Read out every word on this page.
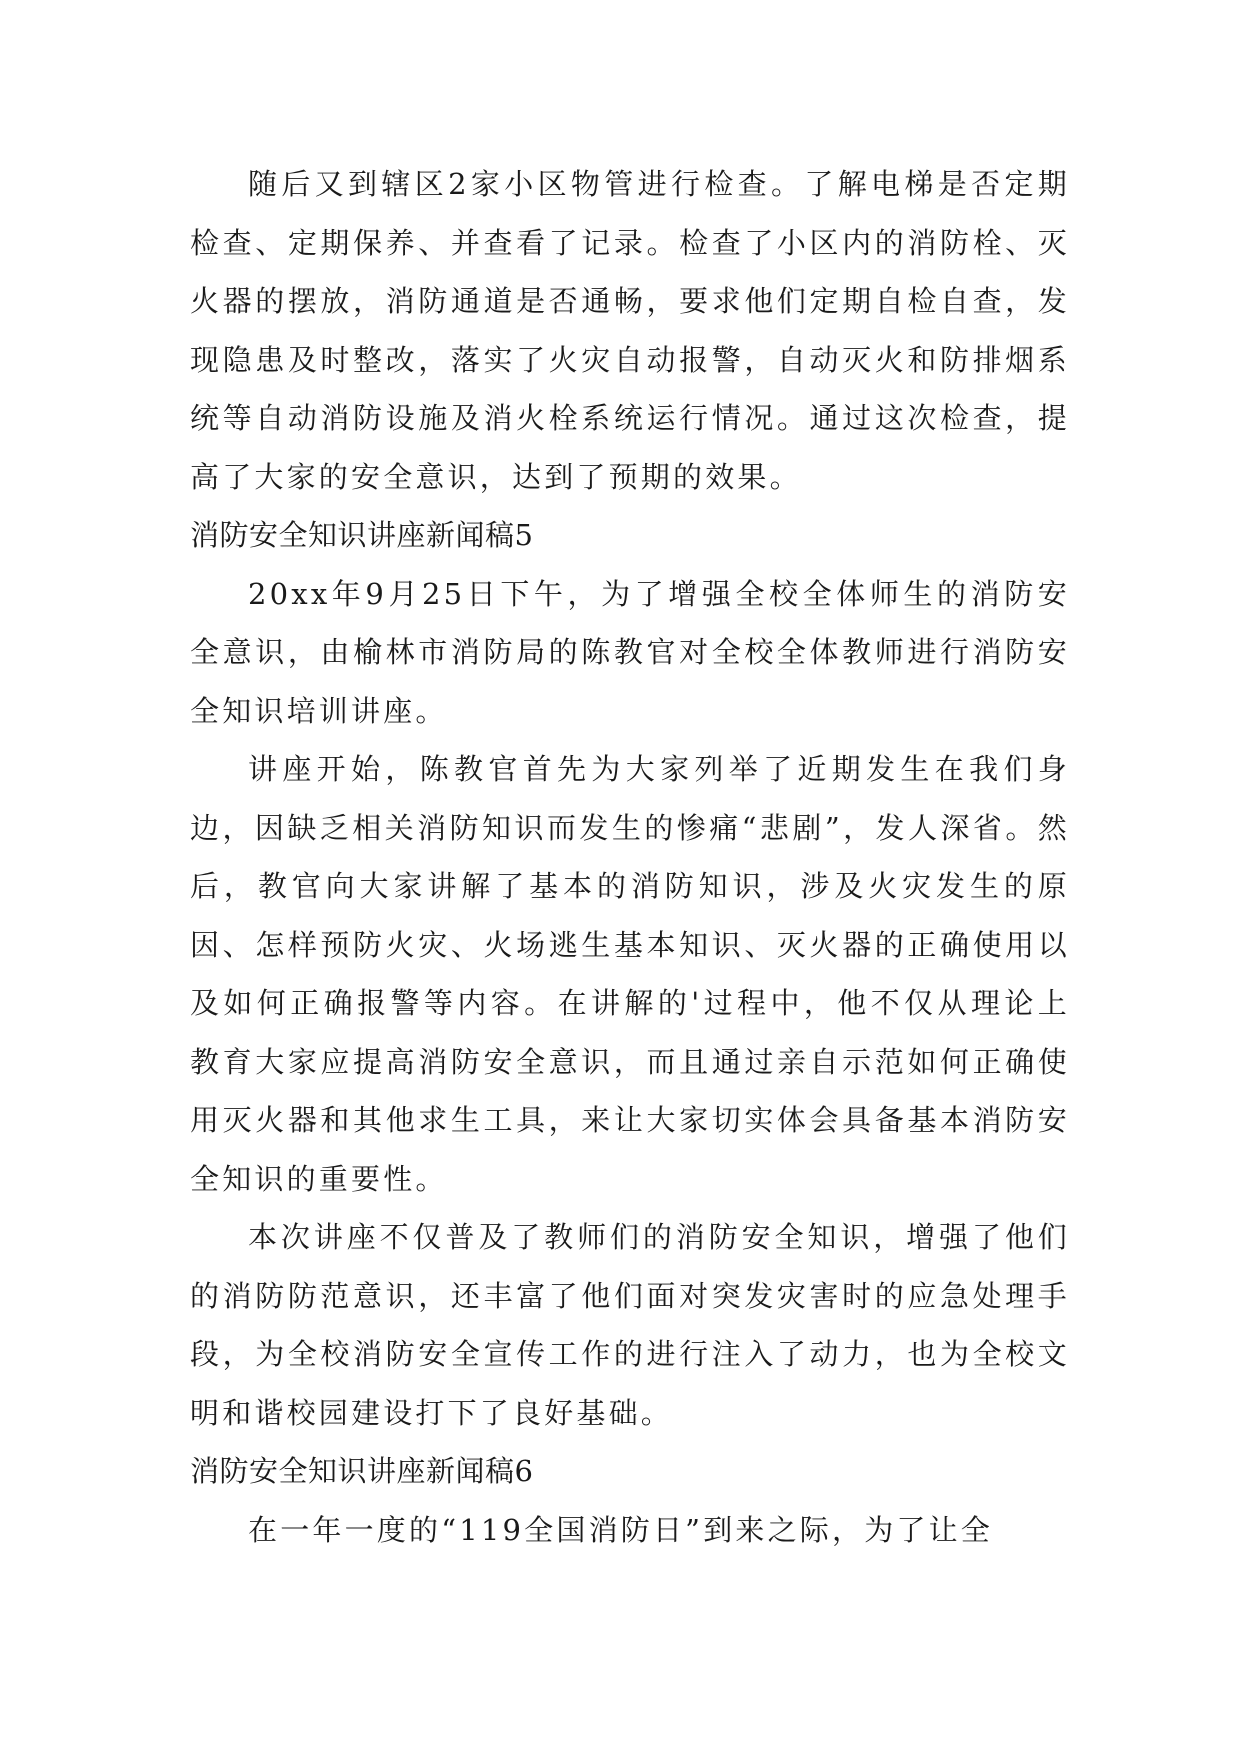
随后又到辖区2家小区物管进行检查。了解电梯是否定期检查、定期保养、并查看了记录。检查了小区内的消防栓、灭火器的摆放，消防通道是否通畅，要求他们定期自检自查，发现隐患及时整改，落实了火灾自动报警，自动灭火和防排烟系统等自动消防设施及消火栓系统运行情况。通过这次检查，提高了大家的安全意识，达到了预期的效果。

消防安全知识讲座新闻稿5

20xx年9月25日下午，为了增强全校全体师生的消防安全意识，由榆林市消防局的陈教官对全校全体教师进行消防安全知识培训讲座。

讲座开始，陈教官首先为大家列举了近期发生在我们身边，因缺乏相关消防知识而发生的惨痛“悲剧”，发人深省。然后，教官向大家讲解了基本的消防知识，涉及火灾发生的原因、怎样预防火灾、火场逃生基本知识、灭火器的正确使用以及如何正确报警等内容。在讲解的'过程中，他不仅从理论上教育大家应提高消防安全意识，而且通过亲自示范如何正确使用灭火器和其他求生工具，来让大家切实体会具备基本消防安全知识的重要性。

本次讲座不仅普及了教师们的消防安全知识，增强了他们的消防防范意识，还丰富了他们面对突发灾害时的应急处理手段，为全校消防安全宣传工作的进行注入了动力，也为全校文明和谐校园建设打下了良好基础。

消防安全知识讲座新闻稿6

在一年一度的“119全国消防日”到来之际，为了让全
